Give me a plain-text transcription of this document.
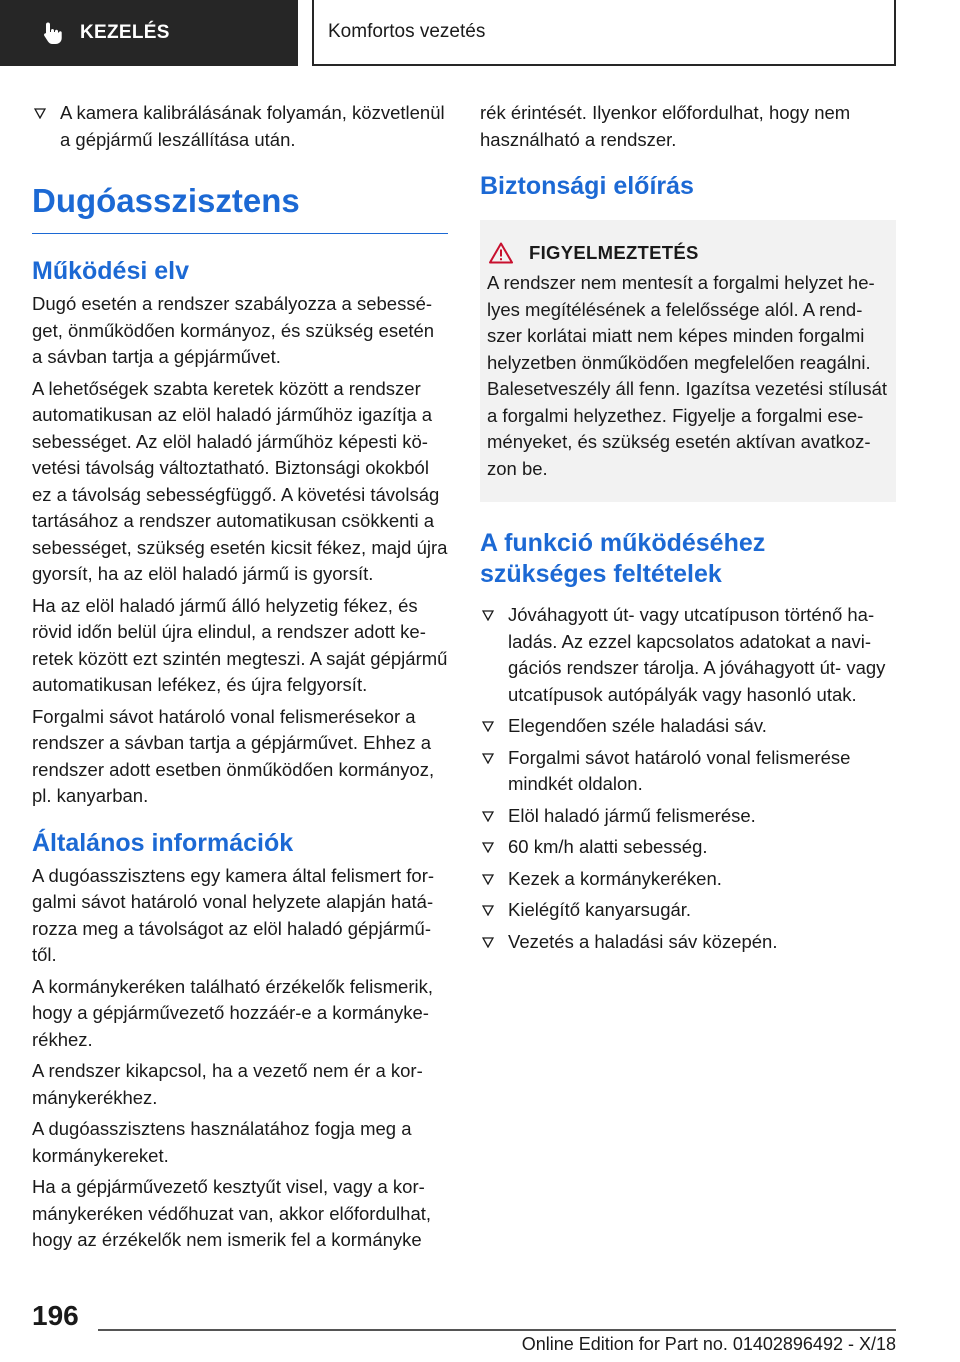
KEZELÉS	Komfortos vezetés
A kamera kalibrálásának folyamán, közvetlenül a gépjármű leszállítása után.
Dugóasszisztens
Működési elv

Dugó esetén a rendszer szabályozza a sebességet, önműködően kormányoz, és szükség esetén a sávban tartja a gépjárművet.

A lehetőségek szabta keretek között a rendszer automatikusan az elöl haladó járműhöz igazítja a sebességet. Az elöl haladó járműhöz képesti követési távolság változtatható. Biztonsági okokból ez a távolság sebességfüggő. A követési távolság tartásához a rendszer automatikusan csökkenti a sebességet, szükség esetén kicsit fékez, majd újra gyorsít, ha az elöl haladó jármű is gyorsít.

Ha az elöl haladó jármű álló helyzetig fékez, és rövid időn belül újra elindul, a rendszer adott keretek között ezt szintén megteszi. A saját gépjármű automatikusan lefékez, és újra felgyorsít.

Forgalmi sávot határoló vonal felismerésekor a rendszer a sávban tartja a gépjárművet. Ehhez a rendszer adott esetben önműködően kormányoz, pl. kanyarban.

Általános információk

A dugóasszisztens egy kamera által felismert forgalmi sávot határoló vonal helyzete alapján határozza meg a távolságot az elöl haladó gépjárműtől.

A kormánykeréken található érzékelők felismerik, hogy a gépjárművezető hozzáér-e a kormánykerékhez.

A rendszer kikapcsol, ha a vezető nem ér a kormánykerékhez.

A dugóasszisztens használatához fogja meg a kormánykereket.

Ha a gépjárművezető kesztyűt visel, vagy a kormánykeréken védőhuzat van, akkor előfordulhat, hogy az érzékelők nem ismerik fel a kormányke

rék érintését. Ilyenkor előfordulhat, hogy nem használható a rendszer.

Biztonsági előírás
FIGYELMEZTETÉS

A rendszer nem mentesít a forgalmi helyzet helyes megítélésének a felelőssége alól. A rendszer korlátai miatt nem képes minden forgalmi helyzetben önműködően megfelelően reagálni. Balesetveszély áll fenn. Igazítsa vezetési stílusát a forgalmi helyzethez. Figyelje a forgalmi eseményeket, és szükség esetén aktívan avatkozzon be.

A funkció működéséhez szükséges feltételek
Jóváhagyott út- vagy utcatípuson történő haladás. Az ezzel kapcsolatos adatokat a navigációs rendszer tárolja. A jóváhagyott út- vagy utcatípusok autópályák vagy hasonló utak.
Elegendően széle haladási sáv.
Forgalmi sávot határoló vonal felismerése mindkét oldalon.
Elöl haladó jármű felismerése.
60 km/h alatti sebesség.
Kezek a kormánykeréken.
Kielégítő kanyarsugár.
Vezetés a haladási sáv közepén.
196
Online Edition for Part no. 01402896492 - X/18
